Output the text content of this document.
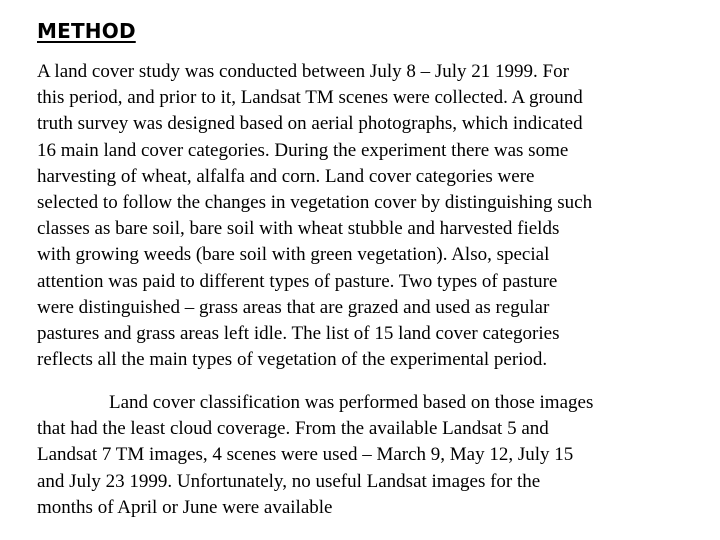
METHOD
A land cover study was conducted between July 8 – July 21 1999. For
this period, and prior to it, Landsat TM scenes were collected. A ground
truth survey was designed based on aerial photographs, which indicated
16 main land cover categories. During the experiment there was some
harvesting of wheat, alfalfa and corn. Land cover categories were
selected to follow the changes in vegetation cover by distinguishing such
classes as bare soil, bare soil with wheat stubble and harvested fields
with growing weeds (bare soil with green vegetation). Also, special
attention was paid to different types of pasture. Two types of pasture
were distinguished – grass areas that are grazed and used as regular
pastures and grass areas left idle. The list of 15 land cover categories
reflects all the main types of vegetation of the experimental period.
Land cover classification was performed based on those images
that had the least cloud coverage. From the available Landsat 5 and
Landsat 7 TM images, 4 scenes were used – March 9, May 12, July 15
and July 23 1999. Unfortunately, no useful Landsat images for the
months of April or June were available
